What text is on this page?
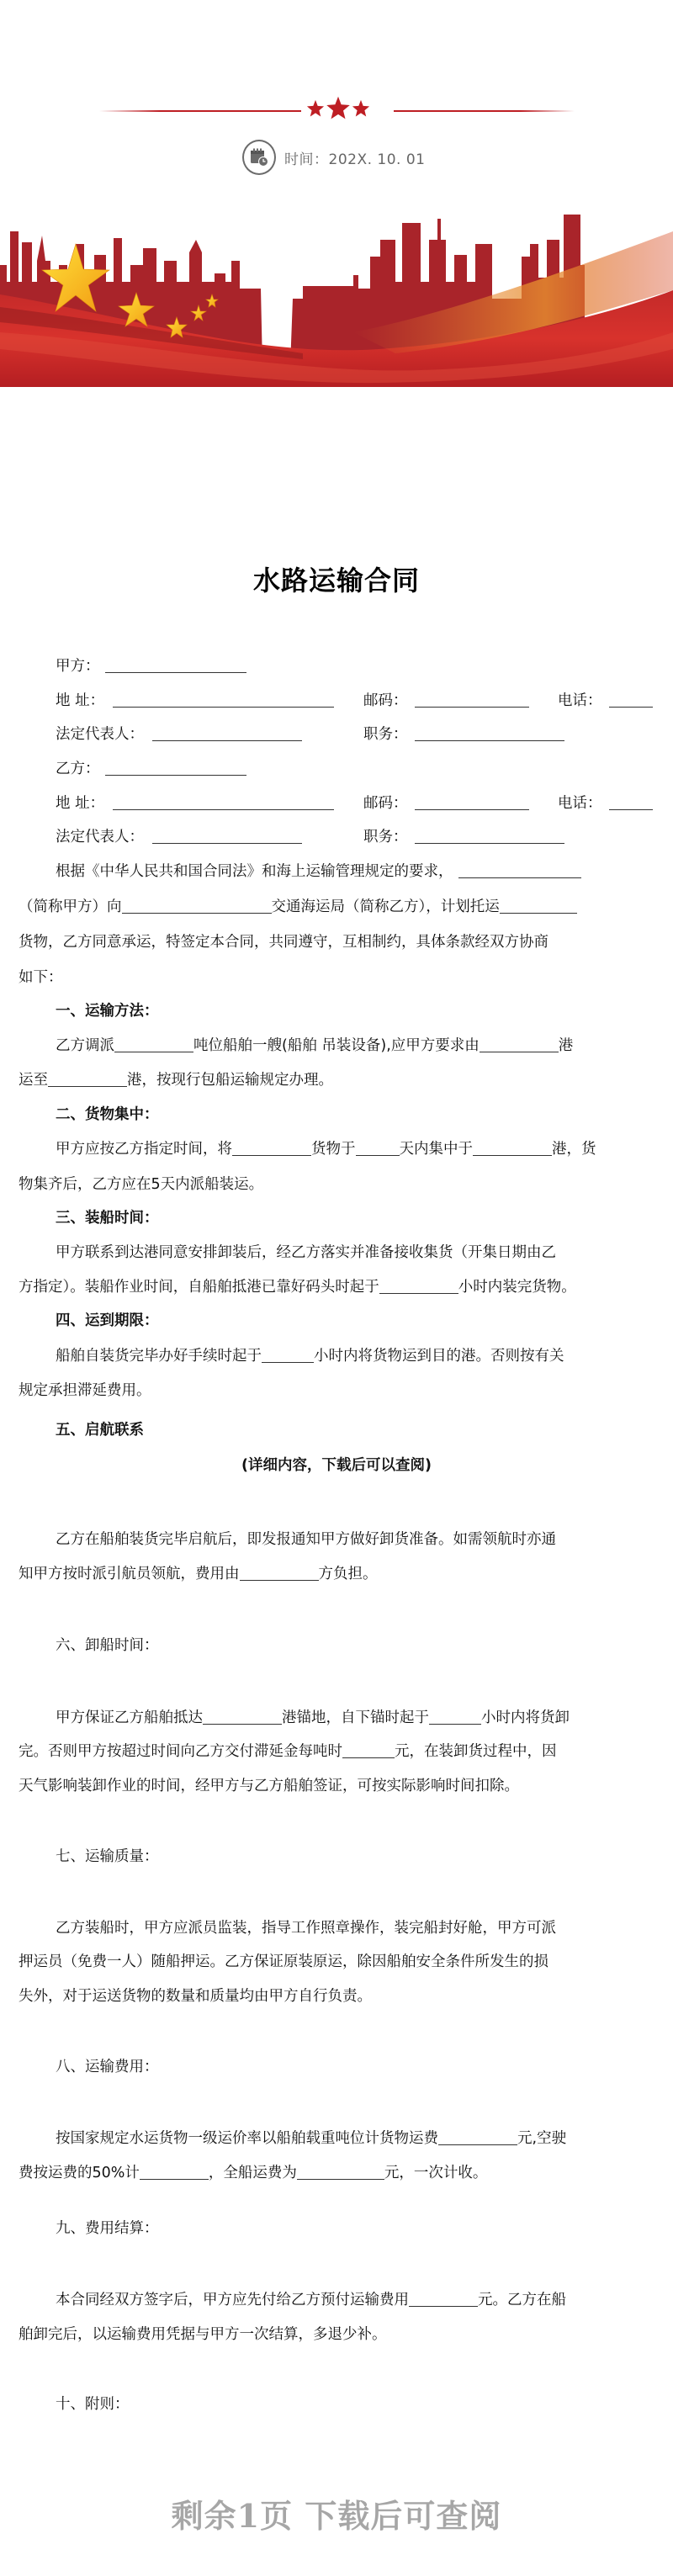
时间：202X. 10. 01
水路运输合同
甲方：
地 址：	邮码：	电话：
法定代表人：	职务：
乙方：
地 址：	邮码：	电话：
法定代表人：	职务：
根据《中华人民共和国合同法》和海上运输管理规定的要求，
（简称甲方）向	交通海运局（简称乙方），计划托运
货物，乙方同意承运，特签定本合同，共同遵守，互相制约，具体条款经双方协商
如下：
一、运输方法：
乙方调派	吨位船舶一艘(船舶 吊装设备),应甲方要求由	港
运至	港，按现行包船运输规定办理。
二、货物集中：
甲方应按乙方指定时间，将	货物于	天内集中于	港，货
物集齐后，乙方应在5天内派船装运。
三、装船时间：
甲方联系到达港同意安排卸装后，经乙方落实并准备接收集货（开集日期由乙
方指定）。装船作业时间，自船舶抵港已靠好码头时起于	小时内装完货物。
四、运到期限：
船舶自装货完毕办好手续时起于	小时内将货物运到目的港。否则按有关
规定承担滞延费用。
五、启航联系
(详细内容，下载后可以查阅)
乙方在船舶装货完毕启航后，即发报通知甲方做好卸货准备。如需领航时亦通
知甲方按时派引航员领航，费用由	方负担。
六、卸船时间：
甲方保证乙方船舶抵达	港锚地，自下锚时起于	小时内将货卸
完。否则甲方按超过时间向乙方交付滞延金每吨时	元，在装卸货过程中，因
天气影响装卸作业的时间，经甲方与乙方船舶签证，可按实际影响时间扣除。
七、运输质量：
乙方装船时，甲方应派员监装，指导工作照章操作，装完船封好舱，甲方可派
押运员（免费一人）随船押运。乙方保证原装原运，除因船舶安全条件所发生的损
失外，对于运送货物的数量和质量均由甲方自行负责。
八、运输费用：
按国家规定水运货物一级运价率以船舶载重吨位计货物运费	元,空驶
费按运费的50%计	，全船运费为	元，一次计收。
九、费用结算：
本合同经双方签字后，甲方应先付给乙方预付运输费用	元。乙方在船
舶卸完后，以运输费用凭据与甲方一次结算，多退少补。
十、附则：
剩余1页 下载后可查阅
